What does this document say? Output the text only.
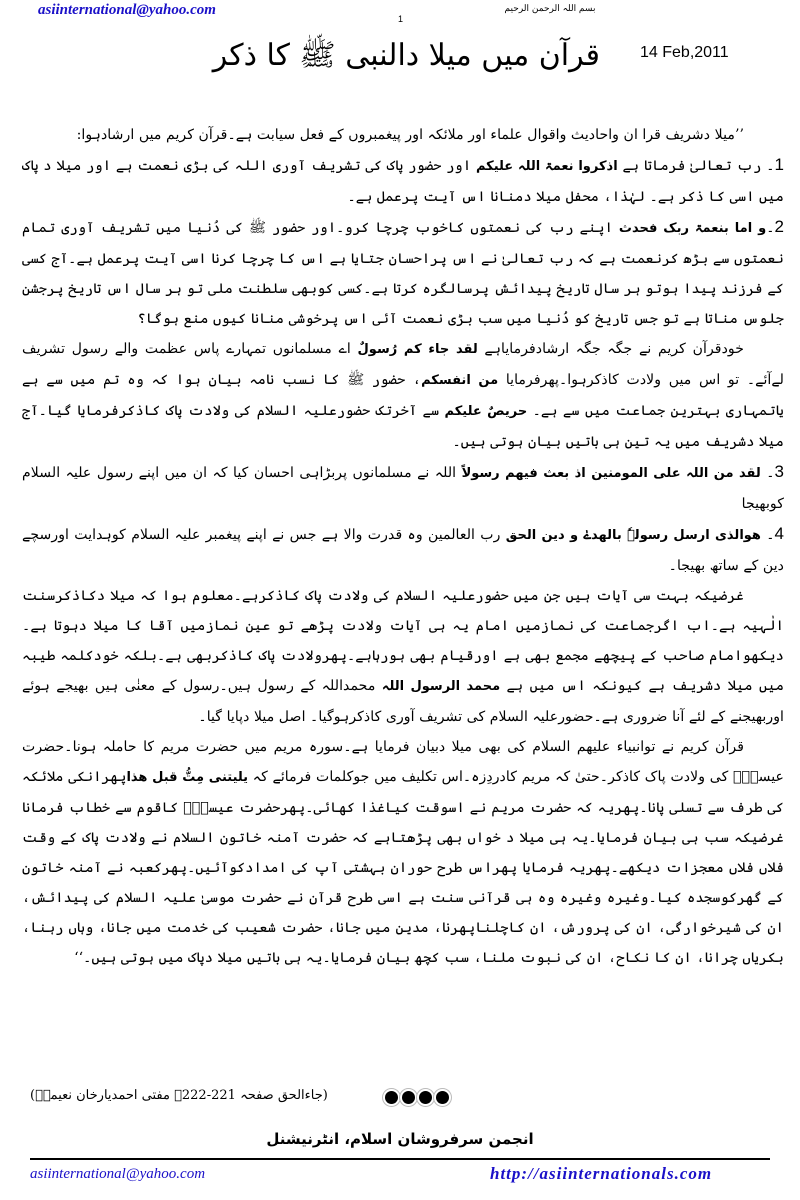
asiinternational@yahoo.com	بسم اللہ الرحمن الرحیم
1
قرآن میں میلا دالنبی ﷺ کا ذکر	14 Feb,2011

’’میلا دشریف قرا ان واحادیث واقوال علماء اور ملائکہ اور پیغمبروں کے فعل سیابت ہے۔قرآن کریم میں ارشادہوا:

1۔ رب تعالیٰ فرماتا ہے اذکروا نعمۃ اللہ علیکم اور حضور پاک کی تشریف آوری اللہ کی بڑی نعمت ہے اور میلا د پاک میں اسی کا ذکر ہے۔ لہٰذا، محفل میلا دمنانا اس آیت پرعمل ہے۔

2۔و اما بنعمۃ ربک فحدث اپنے رب کی نعمتوں کاخوب چرچا کرو۔اور حضور ﷺ کی دُنیا میں تشریف آوری تمام نعمتوں سے بڑھ کرنعمت ہے کہ رب تعالیٰ نے اس پراحسان جتایا ہے اس کا چرچا کرنا اسی آیت پرعمل ہے۔آج کسی کے فرزند پیدا ہوتو ہر سال تاریخ پیدائش پرسالگرہ کرتا ہے۔کسی کوبھی سلطنت ملی تو ہر سال اس تاریخ پرجشن جلوس مناتا ہے تو جس تاریخ کو دُنیا میں سب بڑی نعمت آئی اس پرخوشی منانا کیوں منع ہوگا؟

خودقرآن کریم نے جگہ جگہ ارشادفرمایاہے لقد جاء کم رُسولٌ اے مسلمانوں تمہارے پاس عظمت والے رسول تشریف لےآئے۔ تو اس میں ولادت کاذکرہوا۔پھرفرمایا من انفسکم، حضور ﷺ کا نسب نامہ بیان ہوا کہ وہ تم میں سے ہے یاتمہاری بہترین جماعت میں سے ہے۔ حریصٌ علیکم سے آخرتک حضورعلیہ السلام کی ولادت پاک کاذکرفرمایا گیا۔آج میلا دشریف میں یہ تین ہی باتیں بیان ہوتی ہیں۔

3۔ لقد من اللہ علی المومنین اذ بعث فیھم رسولاً اللہ نے مسلمانوں پربڑاہی احسان کیا کہ ان میں اپنے رسول علیہ السلام کوبھیجا

4۔ ھوالذی ارسل رسولہٗ بالھدےٰ و دین الحق رب العالمین وہ قدرت والا ہے جس نے اپنے پیغمبر علیہ السلام کوہدایت اورسچے دین کے ساتھ بھیجا۔

غرضیکہ بہت سی آیات ہیں جن میں حضورعلیہ السلام کی ولادت پاک کاذکرہے۔معلوم ہوا کہ میلا دکاذکرسنت الٰہیہ ہے۔اب اگرجماعت کی نمازمیں امام یہ ہی آیات ولادت پڑھے تو عین نمازمیں آقا کا میلا دہوتا ہے۔دیکھوامام صاحب کے پیچھے مجمع بھی ہے اورقیام بھی ہورہاہے۔پھرولادت پاک کاذکربھی ہے۔بلکہ خودکلمہ طیبہ میں میلا دشریف ہے کیونکہ اس میں ہے محمد الرسول اللہ محمداللہ کے رسول ہیں۔رسول کے معنٰی ہیں بھیجے ہوئے اوربھیجنے کے لئے آنا ضروری ہے۔حضورعلیہ السلام کی تشریف آوری کاذکرہوگیا۔ اصل میلا دپایا گیا۔

قرآن کریم نے توانبیاء علیھم السلام کی بھی میلا دبیان فرمایا ہے۔سورہ مریم میں حضرت مریم کا حاملہ ہونا۔حضرت عیسیٰؑ کی ولادت پاک کاذکر۔حتیٰ کہ مریم کادردِزہ۔اس تکلیف میں جوکلمات فرمائے کہ یلیتنی مِتُّ قبل ھذاپھرانکی ملائکہ کی طرف سے تسلی پانا۔پھریہ کہ حضرت مریم نے اسوقت کیاغذا کھائی۔پھرحضرت عیسیٰؑ کاقوم سے خطاب فرمانا غرضیکہ سب ہی بیان فرمایا۔یہ ہی میلا د خواں بھی پڑھتاہے کہ حضرت آمنہ خاتون السلام نے ولادت پاک کے وقت فلاں فلاں معجزات دیکھے۔پھریہ فرمایا پھراس طرح حوران بہشتی آپ کی امدادکوآئیں۔پھرکعبہ نے آمنہ خاتون کے گھرکوسجدہ کیا۔وغیرہ وغیرہ وہ ہی قرآنی سنت ہے اسی طرح قرآن نے حضرت موسیٰ علیہ السلام کی پیدائش، ان کی شیرخوارگی، ان کی پرورش، ان کاچلناپھرنا، مدین میں جانا، حضرت شعیب کی خدمت میں جانا، وہاں رہنا، بکریاں چرانا، ان کا نکاح، ان کی نبوت ملنا، سب کچھ بیان فرمایا۔یہ ہی باتیں میلا دپاک میں ہوتی ہیں۔‘‘

(جاءالحق صفحہ 221-222۔ مفتی احمدیارخان نعیمیؒ)
انجمن سرفروشان اسلام، انٹرنیشنل
asiinternational@yahoo.com	http://asiinternationals.com
